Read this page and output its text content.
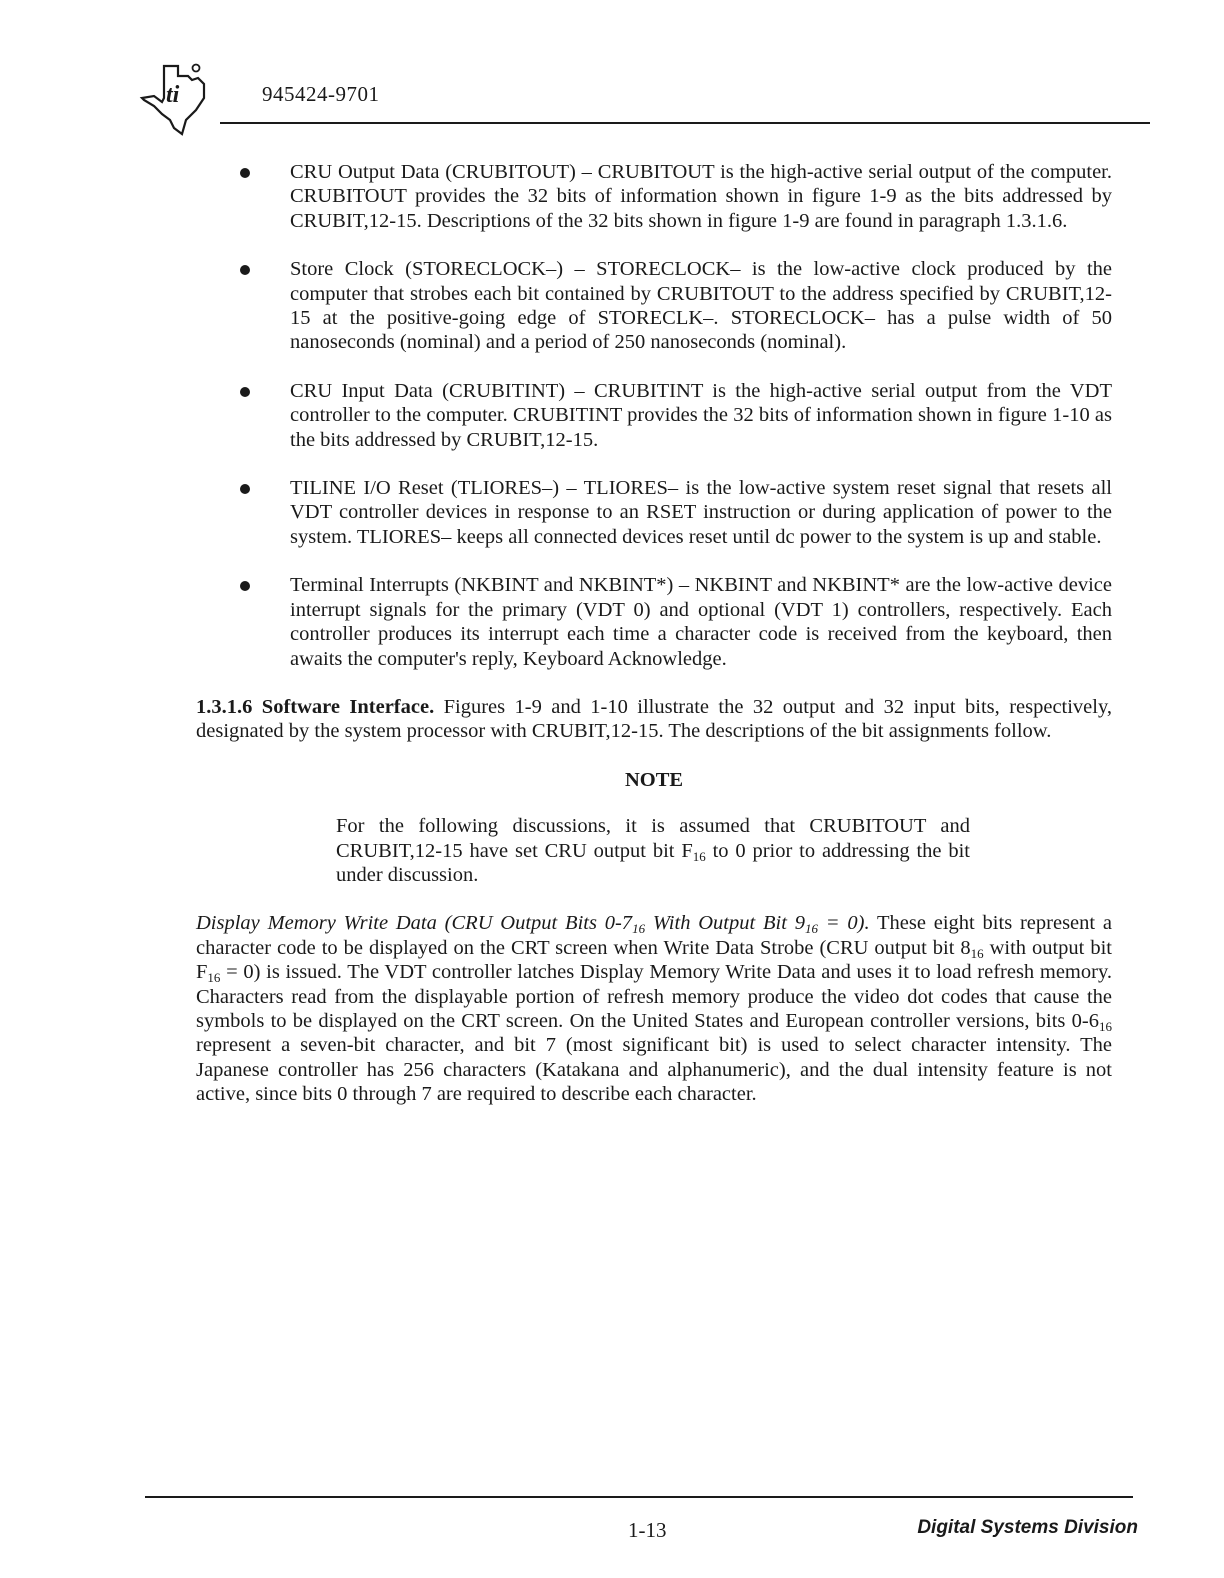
ti	945424-9701
CRU Output Data (CRUBITOUT) – CRUBITOUT is the high-active serial output of the computer. CRUBITOUT provides the 32 bits of information shown in figure 1-9 as the bits addressed by CRUBIT,12-15. Descriptions of the 32 bits shown in figure 1-9 are found in paragraph 1.3.1.6.
Store Clock (STORECLOCK–) – STORECLOCK– is the low-active clock produced by the computer that strobes each bit contained by CRUBITOUT to the address specified by CRUBIT,12-15 at the positive-going edge of STORECLK–. STORECLOCK– has a pulse width of 50 nanoseconds (nominal) and a period of 250 nanoseconds (nominal).
CRU Input Data (CRUBITINT) – CRUBITINT is the high-active serial output from the VDT controller to the computer. CRUBITINT provides the 32 bits of information shown in figure 1-10 as the bits addressed by CRUBIT,12-15.
TILINE I/O Reset (TLIORES–) – TLIORES– is the low-active system reset signal that resets all VDT controller devices in response to an RSET instruction or during application of power to the system. TLIORES– keeps all connected devices reset until dc power to the system is up and stable.
Terminal Interrupts (NKBINT and NKBINT*) – NKBINT and NKBINT* are the low-active device interrupt signals for the primary (VDT 0) and optional (VDT 1) controllers, respectively. Each controller produces its interrupt each time a character code is received from the keyboard, then awaits the computer's reply, Keyboard Acknowledge.

1.3.1.6 Software Interface. Figures 1-9 and 1-10 illustrate the 32 output and 32 input bits, respectively, designated by the system processor with CRUBIT,12-15. The descriptions of the bit assignments follow.

NOTE

For the following discussions, it is assumed that CRUBITOUT and CRUBIT,12-15 have set CRU output bit $F_{16}$ to 0 prior to addressing the bit under discussion.

Display Memory Write Data (CRU Output Bits $0-7_{16}$ With Output Bit $9_{16} = 0$). These eight bits represent a character code to be displayed on the CRT screen when Write Data Strobe (CRU output bit $8_{16}$ with output bit $F_{16} = 0$) is issued. The VDT controller latches Display Memory Write Data and uses it to load refresh memory. Characters read from the displayable portion of refresh memory produce the video dot codes that cause the symbols to be displayed on the CRT screen. On the United States and European controller versions, bits $0-6_{16}$ represent a seven-bit character, and bit 7 (most significant bit) is used to select character intensity. The Japanese controller has 256 characters (Katakana and alphanumeric), and the dual intensity feature is not active, since bits 0 through 7 are required to describe each character.

1-13	Digital Systems Division
